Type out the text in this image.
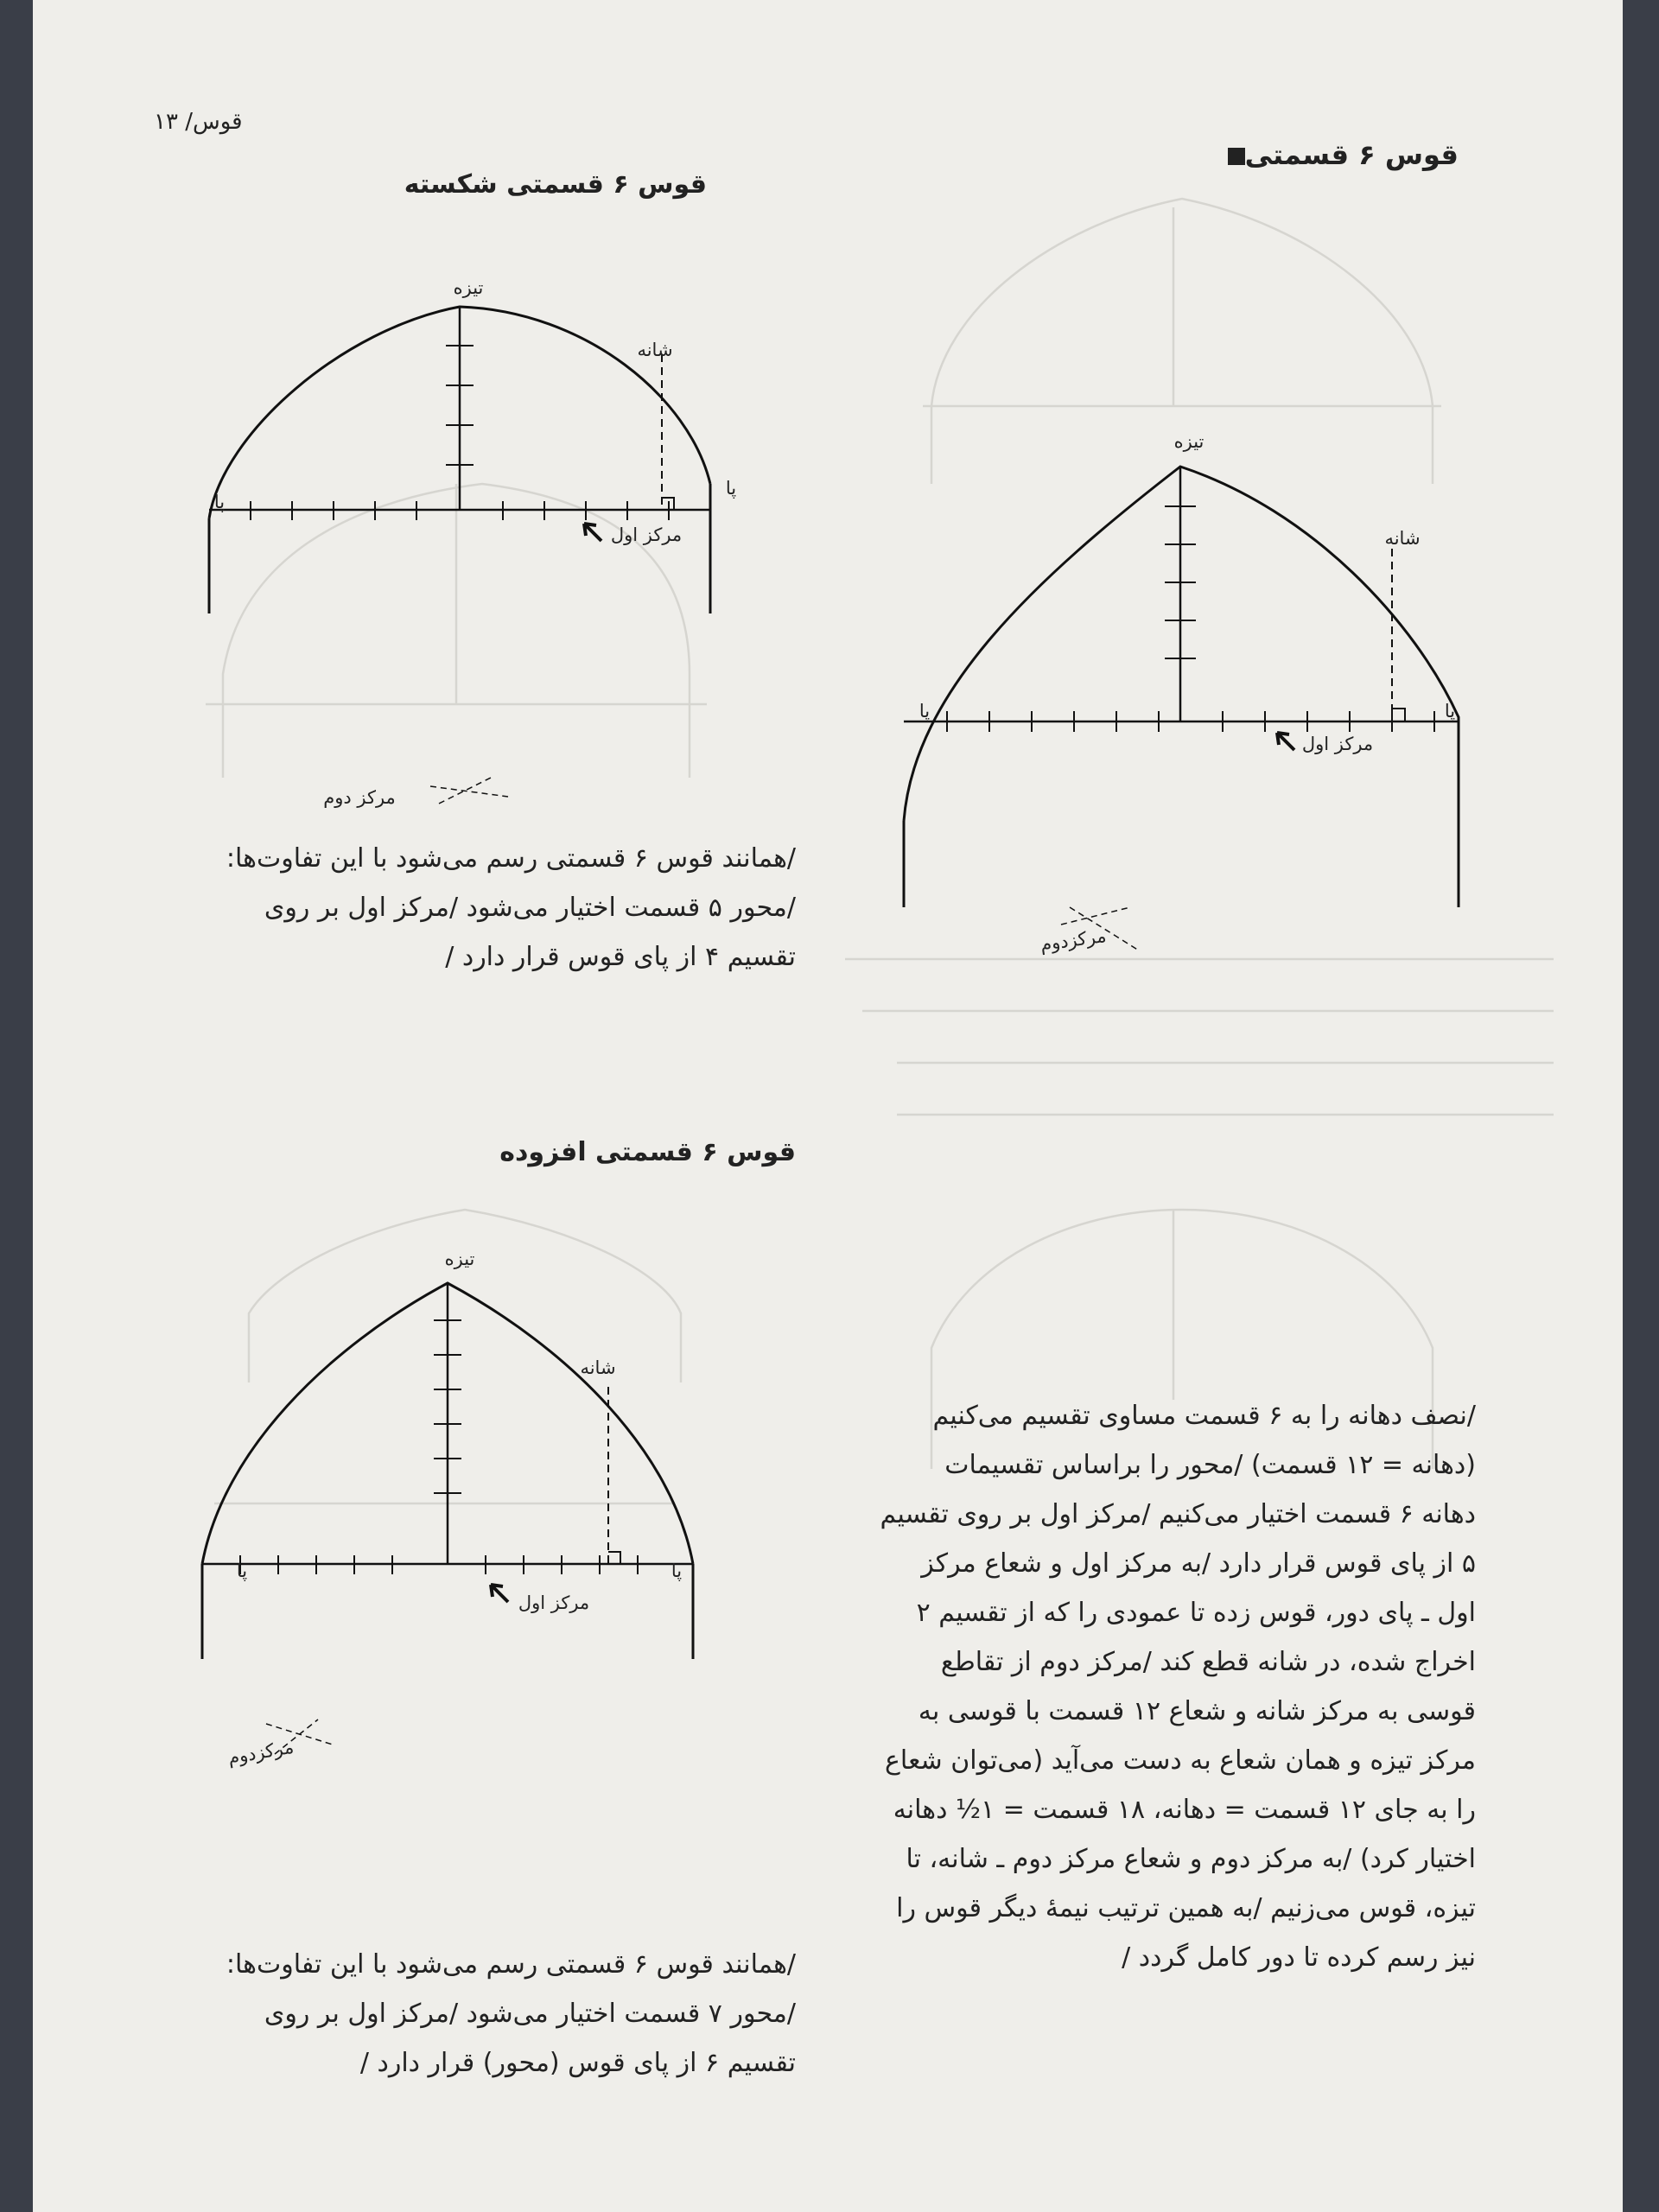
قوس/ ۱۳
قوس ۶ قسمتی
تیزه
شانه
پا	پا
مرکز اول
مرکزدوم
تیزه
شانه
پا
پا
مرکز اول
مرکز دوم
قوس ۶ قسمتی شکسته
/همانند قوس ۶ قسمتی رسم می‌شود با این تفاوت‌ها:
/محور ۵ قسمت اختیار می‌شود /مرکز اول بر روی
تقسیم ۴ از پای قوس قرار دارد /
قوس ۶ قسمتی افزوده
تیزه
شانه
پا	پا
مرکز اول
مرکزدوم
/همانند قوس ۶ قسمتی رسم می‌شود با این تفاوت‌ها:
/محور ۷ قسمت اختیار می‌شود /مرکز اول بر روی
تقسیم ۶ از پای قوس (محور) قرار دارد /
/نصف دهانه را به ۶ قسمت مساوی تقسیم می‌کنیم
(دهانه = ۱۲ قسمت) /محور را براساس تقسیمات
دهانه ۶ قسمت اختیار می‌کنیم /مرکز اول بر روی تقسیم
۵ از پای قوس قرار دارد /به مرکز اول و شعاع مرکز
اول ـ پای دور، قوس زده تا عمودی را که از تقسیم ۲
اخراج شده، در شانه قطع کند /مرکز دوم از تقاطع
قوسی به مرکز شانه و شعاع ۱۲ قسمت با قوسی به
مرکز تیزه و همان شعاع به دست می‌آید (می‌توان شعاع
را به جای ۱۲ قسمت = دهانه، ۱۸ قسمت = ۱½ دهانه
اختیار کرد) /به مرکز دوم و شعاع مرکز دوم ـ شانه، تا
تیزه، قوس می‌زنیم /به همین ترتیب نیمهٔ دیگر قوس را
نیز رسم کرده تا دور کامل گردد /
